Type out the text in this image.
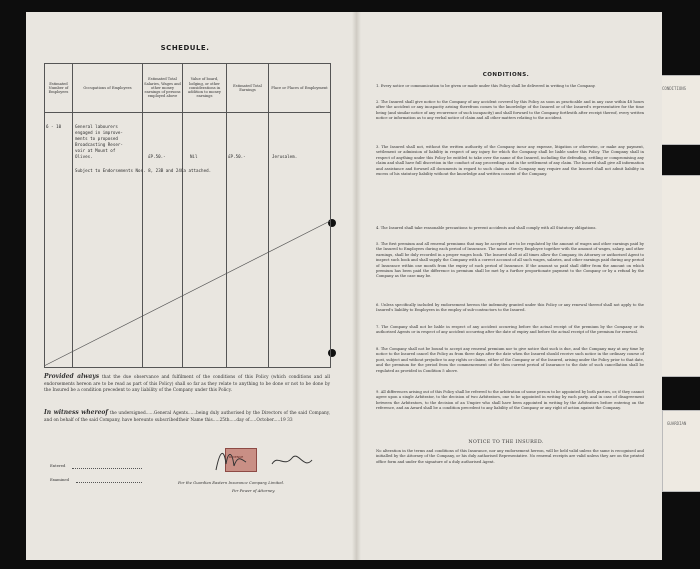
CONDITIONS
GUARDIAN
SCHEDULE.
Estimated Number of Employees	Occupations of Employees	Estimated Total Salaries, Wages and other money earnings of persons employed above	Value of board, lodging, or other considerations in addition to money earnings	Estimated Total Earnings	Place or Places of Employment

6 - 10	General labourers
engaged in improve-
ments to proposed
Broadcasting Reser-
voir at Mount of
Olives.	£P.50.-	Nil	£P.50.-	Jerusalem.
Subject to Endorsements Nos. 8, 23B and 24Ca attached.
Provided always that the due observance and fulfilment of the conditions of this Policy (which conditions and all endorsements hereon are to be read as part of this Policy) shall so far as they relate to anything to be done or not to be done by the Insured be a condition precedent to any liability of the Company under this Policy.
In witness whereof the undersigned......General Agents......being duly authorised by the Directors of the said Company, and on behalf of the said Company, have hereunto subscribedtheir Name this.....25th.....day of.....October.....19 33
Entered
Examined
REVENUE
For the Guardian Eastern Insurance Company Limited.
Per Power of Attorney.
CONDITIONS.
1. Every notice or communication to be given or made under this Policy shall be delivered in writing to the Company.
2. The Insured shall give notice to the Company of any accident covered by this Policy as soon as practicable and in any case within 48 hours after the accident or any incapacity arising therefrom comes to the knowledge of the Insured or of the Insured's representative for the time being (and similar notice of any recurrence of such incapacity) and shall forward to the Company forthwith after receipt thereof, every written notice or information as to any verbal notice of claim and all other matters relating to the accident.
3. The Insured shall not, without the written authority of the Company incur any expense, litigation or otherwise, or make any payment, settlement or admission of liability in respect of any injury for which the Company shall be liable under this Policy. The Company shall in respect of anything under this Policy be entitled to take over the name of the Insured, including the defending, settling or compromising any claim and shall have full discretion in the conduct of any proceedings and in the settlement of any claim. The Insured shall give all information and assistance and forward all documents in regard to such claim as the Company may require and the Insured shall not admit liability in excess of his statutory liability without the knowledge and written consent of the Company.
4. The Insured shall take reasonable precautions to prevent accidents and shall comply with all Statutory obligations.
5. The first premium and all renewal premiums that may be accepted are to be regulated by the amount of wages and other earnings paid by the Insured to Employees during each period of Insurance. The name of every Employee together with the amount of wages, salary, and other earnings, shall be duly recorded in a proper wages book. The Insured shall at all times allow the Company, its Attorney or authorised Agent to inspect such book and shall supply the Company with a correct account of all such wages, salaries, and other earnings paid during any period of Insurance within one month from the expiry of such period of Insurance. If the amount so paid shall differ from the amount on which premium has been paid the difference in premium shall be met by a further proportionate payment to the Company or by a refund by the Company as the case may be.
6. Unless specifically included by endorsement hereon the indemnity granted under this Policy or any renewal thereof shall not apply to the Insured's liability to Employees in the employ of sub-contractors to the Insured.
7. The Company shall not be liable in respect of any accident occurring before the actual receipt of the premium by the Company or its authorised Agents or in respect of any accident occurring after the date of expiry and before the actual receipt of the premium for renewal.
8. The Company shall not be bound to accept any renewal premium nor to give notice that such is due, and the Company may at any time by notice to the Insured cancel the Policy as from three days after the date when the Insured should receive such notice in the ordinary course of post, subject and without prejudice to any rights or claims, either of the Company or of the Insured, arising under the Policy prior to that date, and the premium for the period from the commencement of the then current period of Insurance to the date of such cancellation shall be regulated as provided in Condition 5 above.
9. All differences arising out of this Policy shall be referred to the arbitration of some person to be appointed by both parties, or, if they cannot agree upon a single Arbitrator, to the decision of two Arbitrators, one to be appointed in writing by each party, and in case of disagreement between the Arbitrators, to the decision of an Umpire who shall have been appointed in writing by the Arbitrators before entering on the reference, and an Award shall be a condition precedent to any liability of the Company or any right of action against the Company.
NOTICE TO THE INSURED.
No alteration in the terms and conditions of this Insurance, nor any endorsement hereon, will be held valid unless the same is recognised and initialled by the Attorney of the Company, or his duly authorised Representative. No renewal receipts are valid unless they are on the printed office form and under the signature of a duly authorised Agent.
